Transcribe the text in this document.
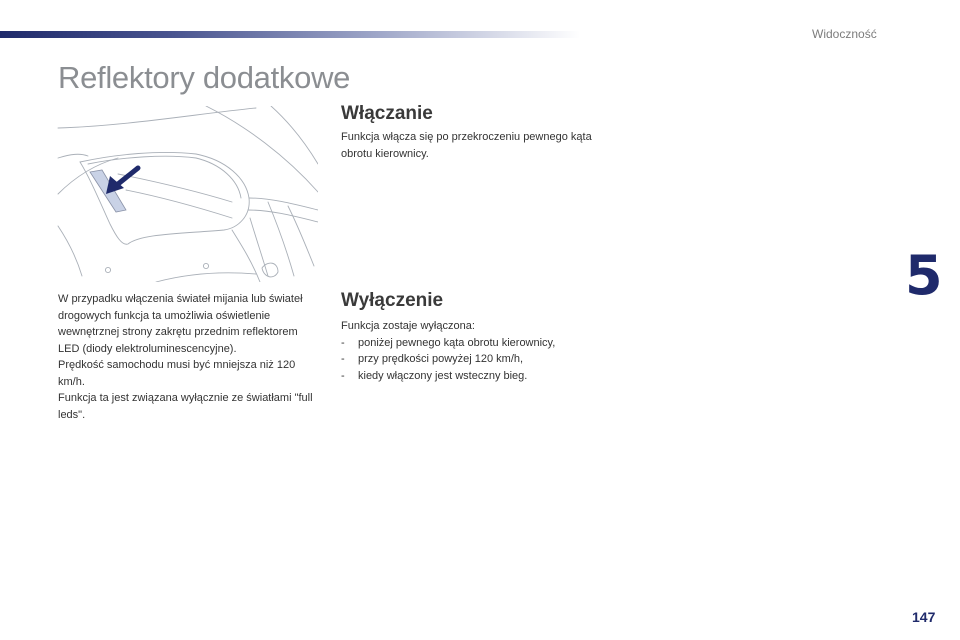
Widoczność
Reflektory dodatkowe

W przypadku włączenia świateł mijania lub świateł drogowych funkcja ta umożliwia oświetlenie wewnętrznej strony zakrętu przednim reflektorem LED (diody elektroluminescencyjne).

Prędkość samochodu musi być mniejsza niż 120 km/h.

Funkcja ta jest związana wyłącznie ze światłami "full leds".

Włączanie

Funkcja włącza się po przekroczeniu pewnego kąta obrotu kierownicy.

Wyłączenie

Funkcja zostaje wyłączona:

- poniżej pewnego kąta obrotu kierownicy,
- przy prędkości powyżej 120 km/h,
- kiedy włączony jest wsteczny bieg.
5
147
